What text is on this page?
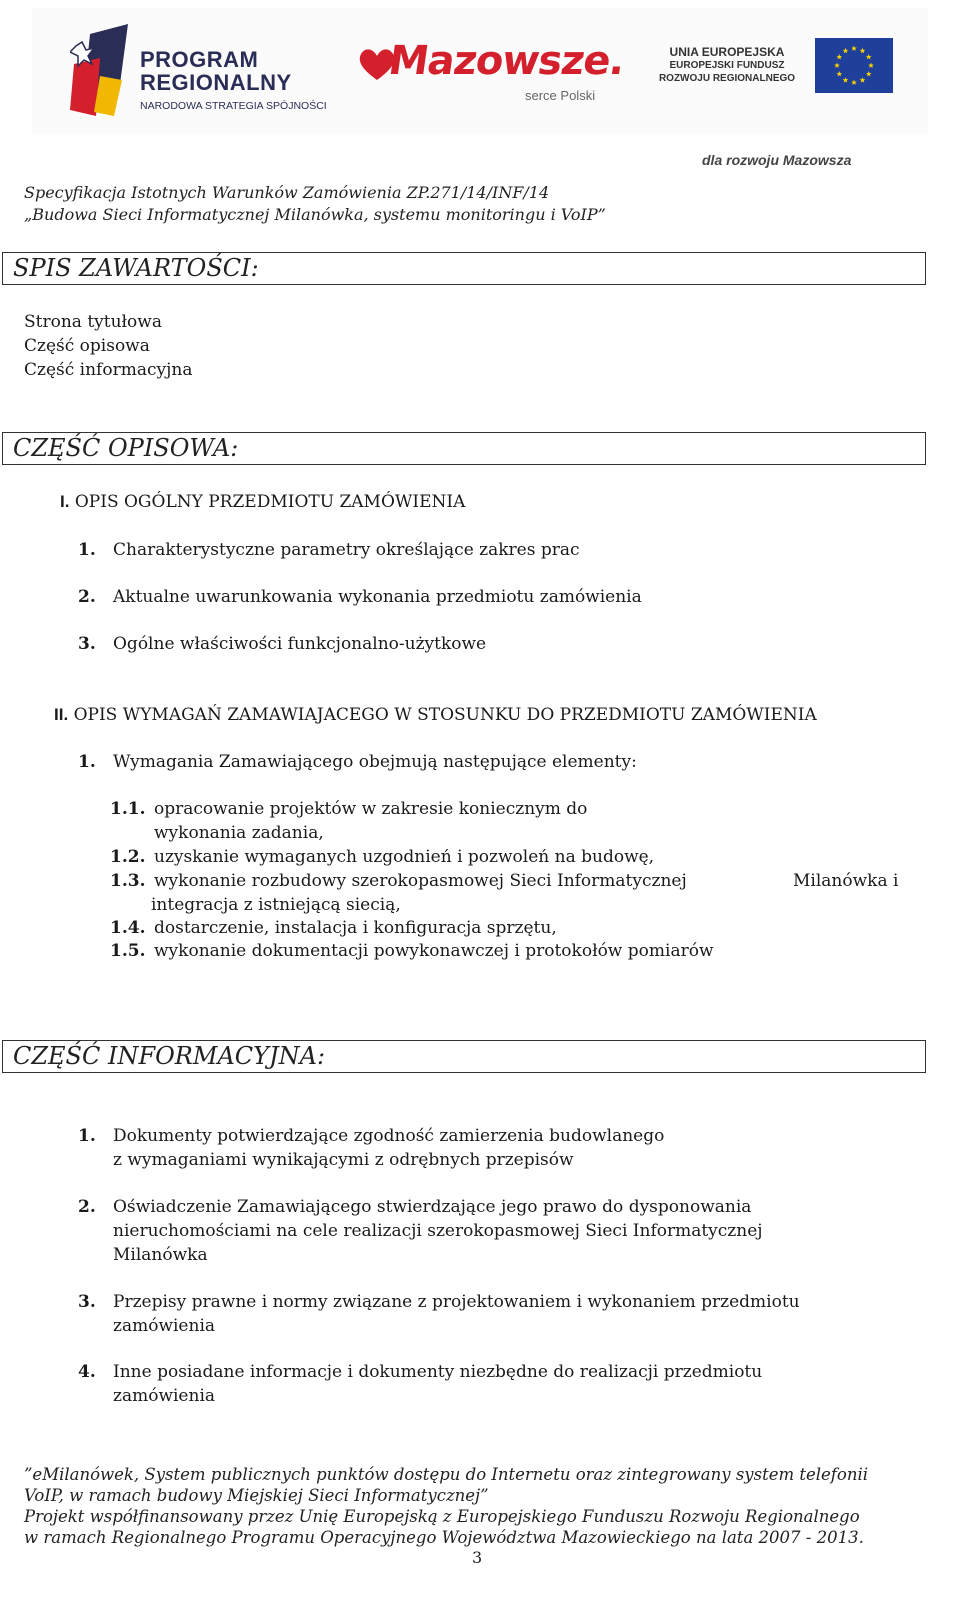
PROGRAM
REGIONALNY
NARODOWA STRATEGIA SPÓJNOŚCI
Mazowsze.
serce Polski
UNIA EUROPEJSKA
EUROPEJSKI FUNDUSZ
ROZWOJU REGIONALNEGO
dla rozwoju Mazowsza
Specyfikacja Istotnych Warunków Zamówienia ZP.271/14/INF/14
„Budowa Sieci Informatycznej Milanówka, systemu monitoringu i VoIP”
SPIS ZAWARTOŚCI:
Strona tytułowa
Część opisowa
Część informacyjna
CZĘŚĆ OPISOWA:
I. OPIS OGÓLNY PRZEDMIOTU ZAMÓWIENIA
1. Charakterystyczne parametry określające zakres prac
2. Aktualne uwarunkowania wykonania przedmiotu zamówienia
3. Ogólne właściwości funkcjonalno-użytkowe
II. OPIS WYMAGAŃ ZAMAWIAJACEGO W STOSUNKU DO PRZEDMIOTU ZAMÓWIENIA
1. Wymagania Zamawiającego obejmują następujące elementy:
1.1. opracowanie projektów w zakresie koniecznym do
wykonania zadania,
1.2. uzyskanie wymaganych uzgodnień i pozwoleń na budowę,
1.3. wykonanie rozbudowy szerokopasmowej Sieci Informatycznej	Milanówka i
integracja z istniejącą siecią,
1.4. dostarczenie, instalacja i konfiguracja sprzętu,
1.5. wykonanie dokumentacji powykonawczej i protokołów pomiarów
CZĘŚĆ INFORMACYJNA:
1. Dokumenty potwierdzające zgodność zamierzenia budowlanego
z wymaganiami wynikającymi z odrębnych przepisów
2. Oświadczenie Zamawiającego stwierdzające jego prawo do dysponowania
nieruchomościami na cele realizacji szerokopasmowej Sieci Informatycznej
Milanówka
3. Przepisy prawne i normy związane z projektowaniem i wykonaniem przedmiotu
zamówienia
4. Inne posiadane informacje i dokumenty niezbędne do realizacji przedmiotu
zamówienia
”eMilanówek, System publicznych punktów dostępu do Internetu oraz zintegrowany system telefonii
VoIP, w ramach budowy Miejskiej Sieci Informatycznej”
Projekt współfinansowany przez Unię Europejską z Europejskiego Funduszu Rozwoju Regionalnego
w ramach Regionalnego Programu Operacyjnego Województwa Mazowieckiego na lata 2007 - 2013.
3
